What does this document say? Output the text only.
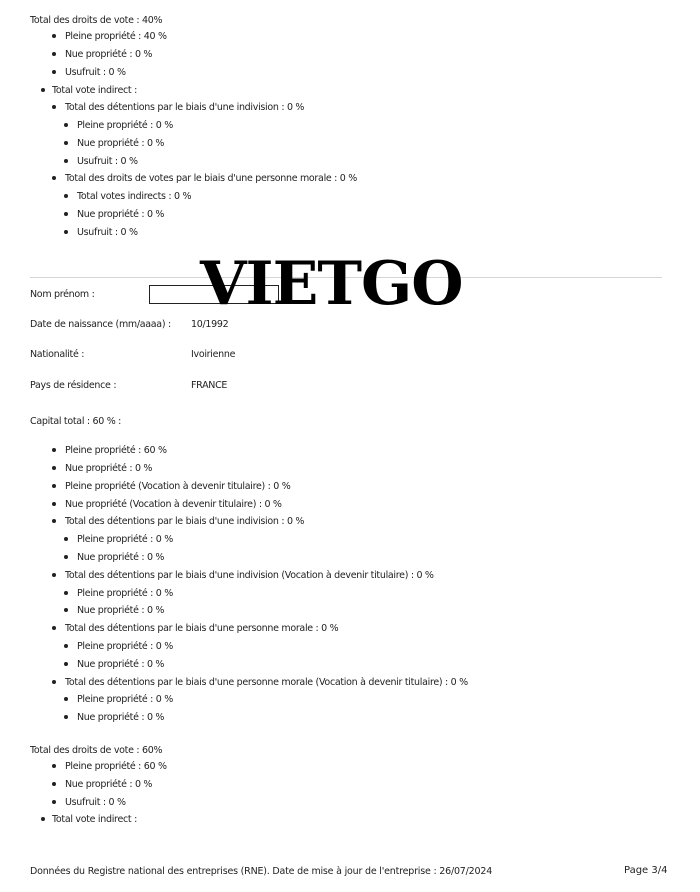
Total des droits de vote : 40%
Pleine propriété : 40 %
Nue propriété : 0 %
Usufruit : 0 %
Total vote indirect :
Total des détentions par le biais d'une indivision : 0 %
Pleine propriété : 0 %
Nue propriété : 0 %
Usufruit : 0 %
Total des droits de votes par le biais d'une personne morale : 0 %
Total votes indirects : 0 %
Nue propriété : 0 %
Usufruit : 0 %
Nom prénom : VIETGO
Date de naissance (mm/aaaa) : 10/1992
Nationalité :	Ivoirienne
Pays de résidence :	FRANCE
Capital total : 60 % :
Pleine propriété : 60 %
Nue propriété : 0 %
Pleine propriété (Vocation à devenir titulaire) : 0 %
Nue propriété (Vocation à devenir titulaire) : 0 %
Total des détentions par le biais d'une indivision : 0 %
Pleine propriété : 0 %
Nue propriété : 0 %
Total des détentions par le biais d'une indivision (Vocation à devenir titulaire) : 0 %
Pleine propriété : 0 %
Nue propriété : 0 %
Total des détentions par le biais d'une personne morale : 0 %
Pleine propriété : 0 %
Nue propriété : 0 %
Total des détentions par le biais d'une personne morale (Vocation à devenir titulaire) : 0 %
Pleine propriété : 0 %
Nue propriété : 0 %
Total des droits de vote : 60%
Pleine propriété : 60 %
Nue propriété : 0 %
Usufruit : 0 %
Total vote indirect :
Données du Registre national des entreprises (RNE). Date de mise à jour de l'entreprise : 26/07/2024	Page 3/4
